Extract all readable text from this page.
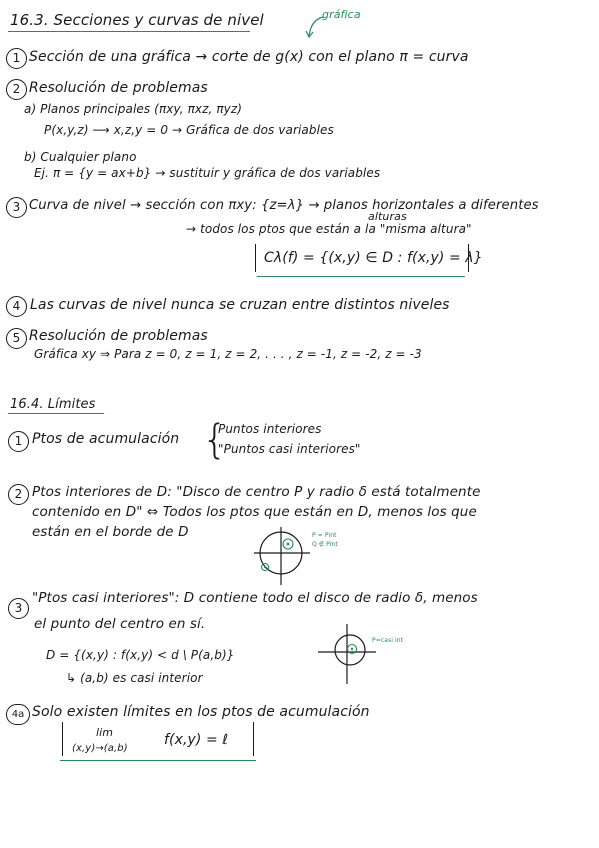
16.3. Secciones y curvas de nivel	gráfica
1 Sección de una gráfica → corte de g(x) con el plano π = curva
2 Resolución de problemas
a) Planos principales (πxy, πxz, πyz)
P(x,y,z) ⟶ x,z,y = 0 → Gráfica de dos variables
b) Cualquier plano
Ej. π = {y = ax+b} → sustituir y gráfica de dos variables
3 Curva de nivel → sección con πxy: {z=λ} → planos horizontales a diferentes
alturas
→ todos los ptos que están a la "misma altura"
Cλ(f) = {(x,y) ∈ D : f(x,y) = λ}
4 Las curvas de nivel nunca se cruzan entre distintos niveles
5 Resolución de problemas
Gráfica xy ⇒ Para z = 0, z = 1, z = 2, . . . , z = -1, z = -2, z = -3
16.4. Límites
1 Ptos de acumulación {
Puntos interiores
"Puntos casi interiores"
2 Ptos interiores de D: "Disco de centro P y radio δ está totalmente
contenido en D" ⇔ Todos los ptos que están en D, menos los que
están en el borde de D	P = Pint
Q ∉ Pint
3
"Ptos casi interiores": D contiene todo el disco de radio δ, menos
el punto del centro en sí.
D = {(x,y) : f(x,y) < d \ P(a,b)}
↳ (a,b) es casi interior
P=casi int
4a Solo existen límites en los ptos de acumulación
lim
(x,y)→(a,b)
f(x,y) = ℓ
